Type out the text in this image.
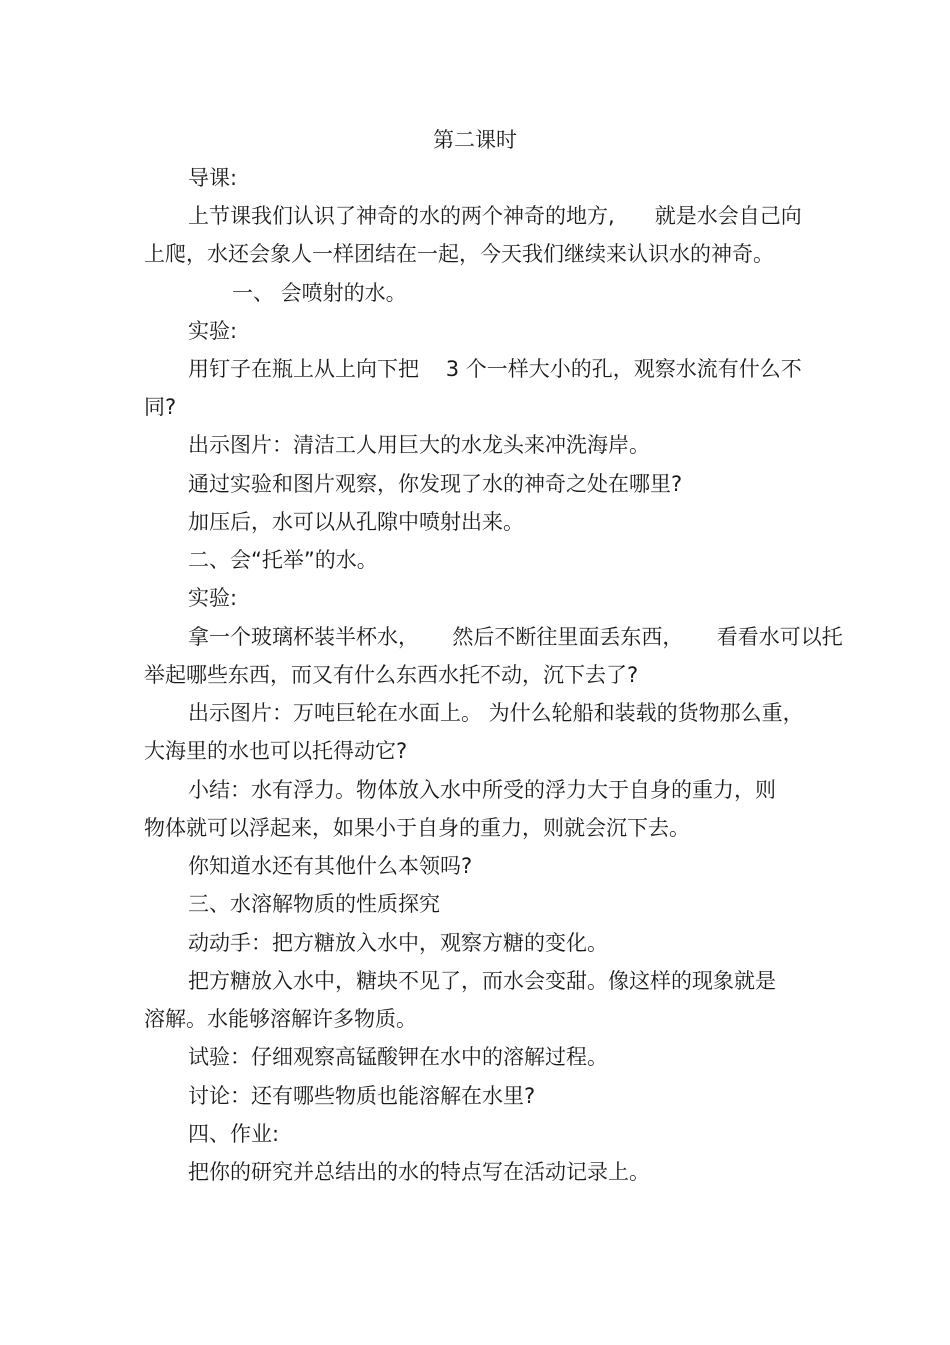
第二课时
导课:
上节课我们认识了神奇的水的两个神奇的地方,      就是水会自己向
上爬，水还会象人一样团结在一起，今天我们继续来认识水的神奇。
一、 会喷射的水。
实验:
用钉子在瓶上从上向下把    3 个一样大小的孔，观察水流有什么不
同?
出示图片：清洁工人用巨大的水龙头来冲洗海岸。
通过实验和图片观察，你发现了水的神奇之处在哪里?
加压后，水可以从孔隙中喷射出来。
二、会“托举”的水。
实验:
拿一个玻璃杯装半杯水，     然后不断往里面丢东西，     看看水可以托
举起哪些东西，而又有什么东西水托不动，沉下去了?
出示图片：万吨巨轮在水面上。 为什么轮船和装载的货物那么重，
大海里的水也可以托得动它?
小结：水有浮力。物体放入水中所受的浮力大于自身的重力，则
物体就可以浮起来，如果小于自身的重力，则就会沉下去。
你知道水还有其他什么本领吗?
三、水溶解物质的性质探究
动动手：把方糖放入水中，观察方糖的变化。
把方糖放入水中，糖块不见了，而水会变甜。像这样的现象就是
溶解。水能够溶解许多物质。
试验：仔细观察高锰酸钾在水中的溶解过程。
讨论：还有哪些物质也能溶解在水里?
四、作业:
把你的研究并总结出的水的特点写在活动记录上。
